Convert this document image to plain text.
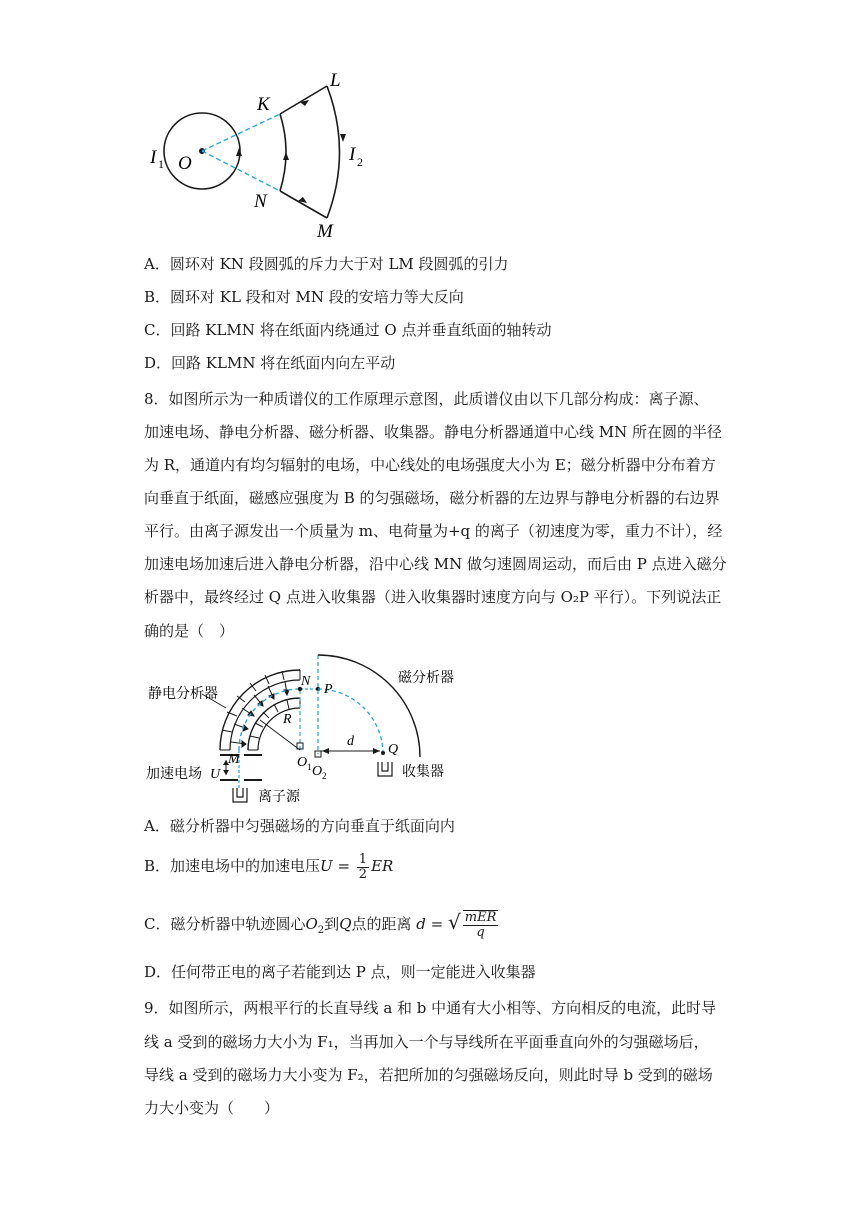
K
L
I 1 O	I 2
N
M
A．圆环对 KN 段圆弧的斥力大于对 LM 段圆弧的引力
B．圆环对 KL 段和对 MN 段的安培力等大反向
C．回路 KLMN 将在纸面内绕通过 O 点并垂直纸面的轴转动
D．回路 KLMN 将在纸面内向左平动
8．如图所示为一种质谱仪的工作原理示意图，此质谱仪由以下几部分构成：离子源、
加速电场、静电分析器、磁分析器、收集器。静电分析器通道中心线 MN 所在圆的半径
为 R，通道内有均匀辐射的电场，中心线处的电场强度大小为 E；磁分析器中分布着方
向垂直于纸面，磁感应强度为 B 的匀强磁场，磁分析器的左边界与静电分析器的右边界
平行。由离子源发出一个质量为 m、电荷量为+q 的离子（初速度为零，重力不计），经
加速电场加速后进入静电分析器，沿中心线 MN 做匀速圆周运动，而后由 P 点进入磁分
析器中，最终经过 Q 点进入收集器（进入收集器时速度方向与 O₂P 平行）。下列说法正
确的是（　）
静电分析器
磁分析器
加速电场 U
离子源
收集器
N
P
R
M	O 1 O 2
d
Q
A．磁分析器中匀强磁场的方向垂直于纸面向内
B．加速电场中的加速电压$U = \frac{1}{2}$ ER
C．磁分析器中轨迹圆心$O_2$到Q点的距离 d = √ $\frac{\text{mER}}{q}$
D．任何带正电的离子若能到达 P 点，则一定能进入收集器
9．如图所示，两根平行的长直导线 a 和 b 中通有大小相等、方向相反的电流，此时导
线 a 受到的磁场力大小为 F₁，当再加入一个与导线所在平面垂直向外的匀强磁场后，
导线 a 受到的磁场力大小变为 F₂，若把所加的匀强磁场反向，则此时导 b 受到的磁场
力大小变为（　　）
